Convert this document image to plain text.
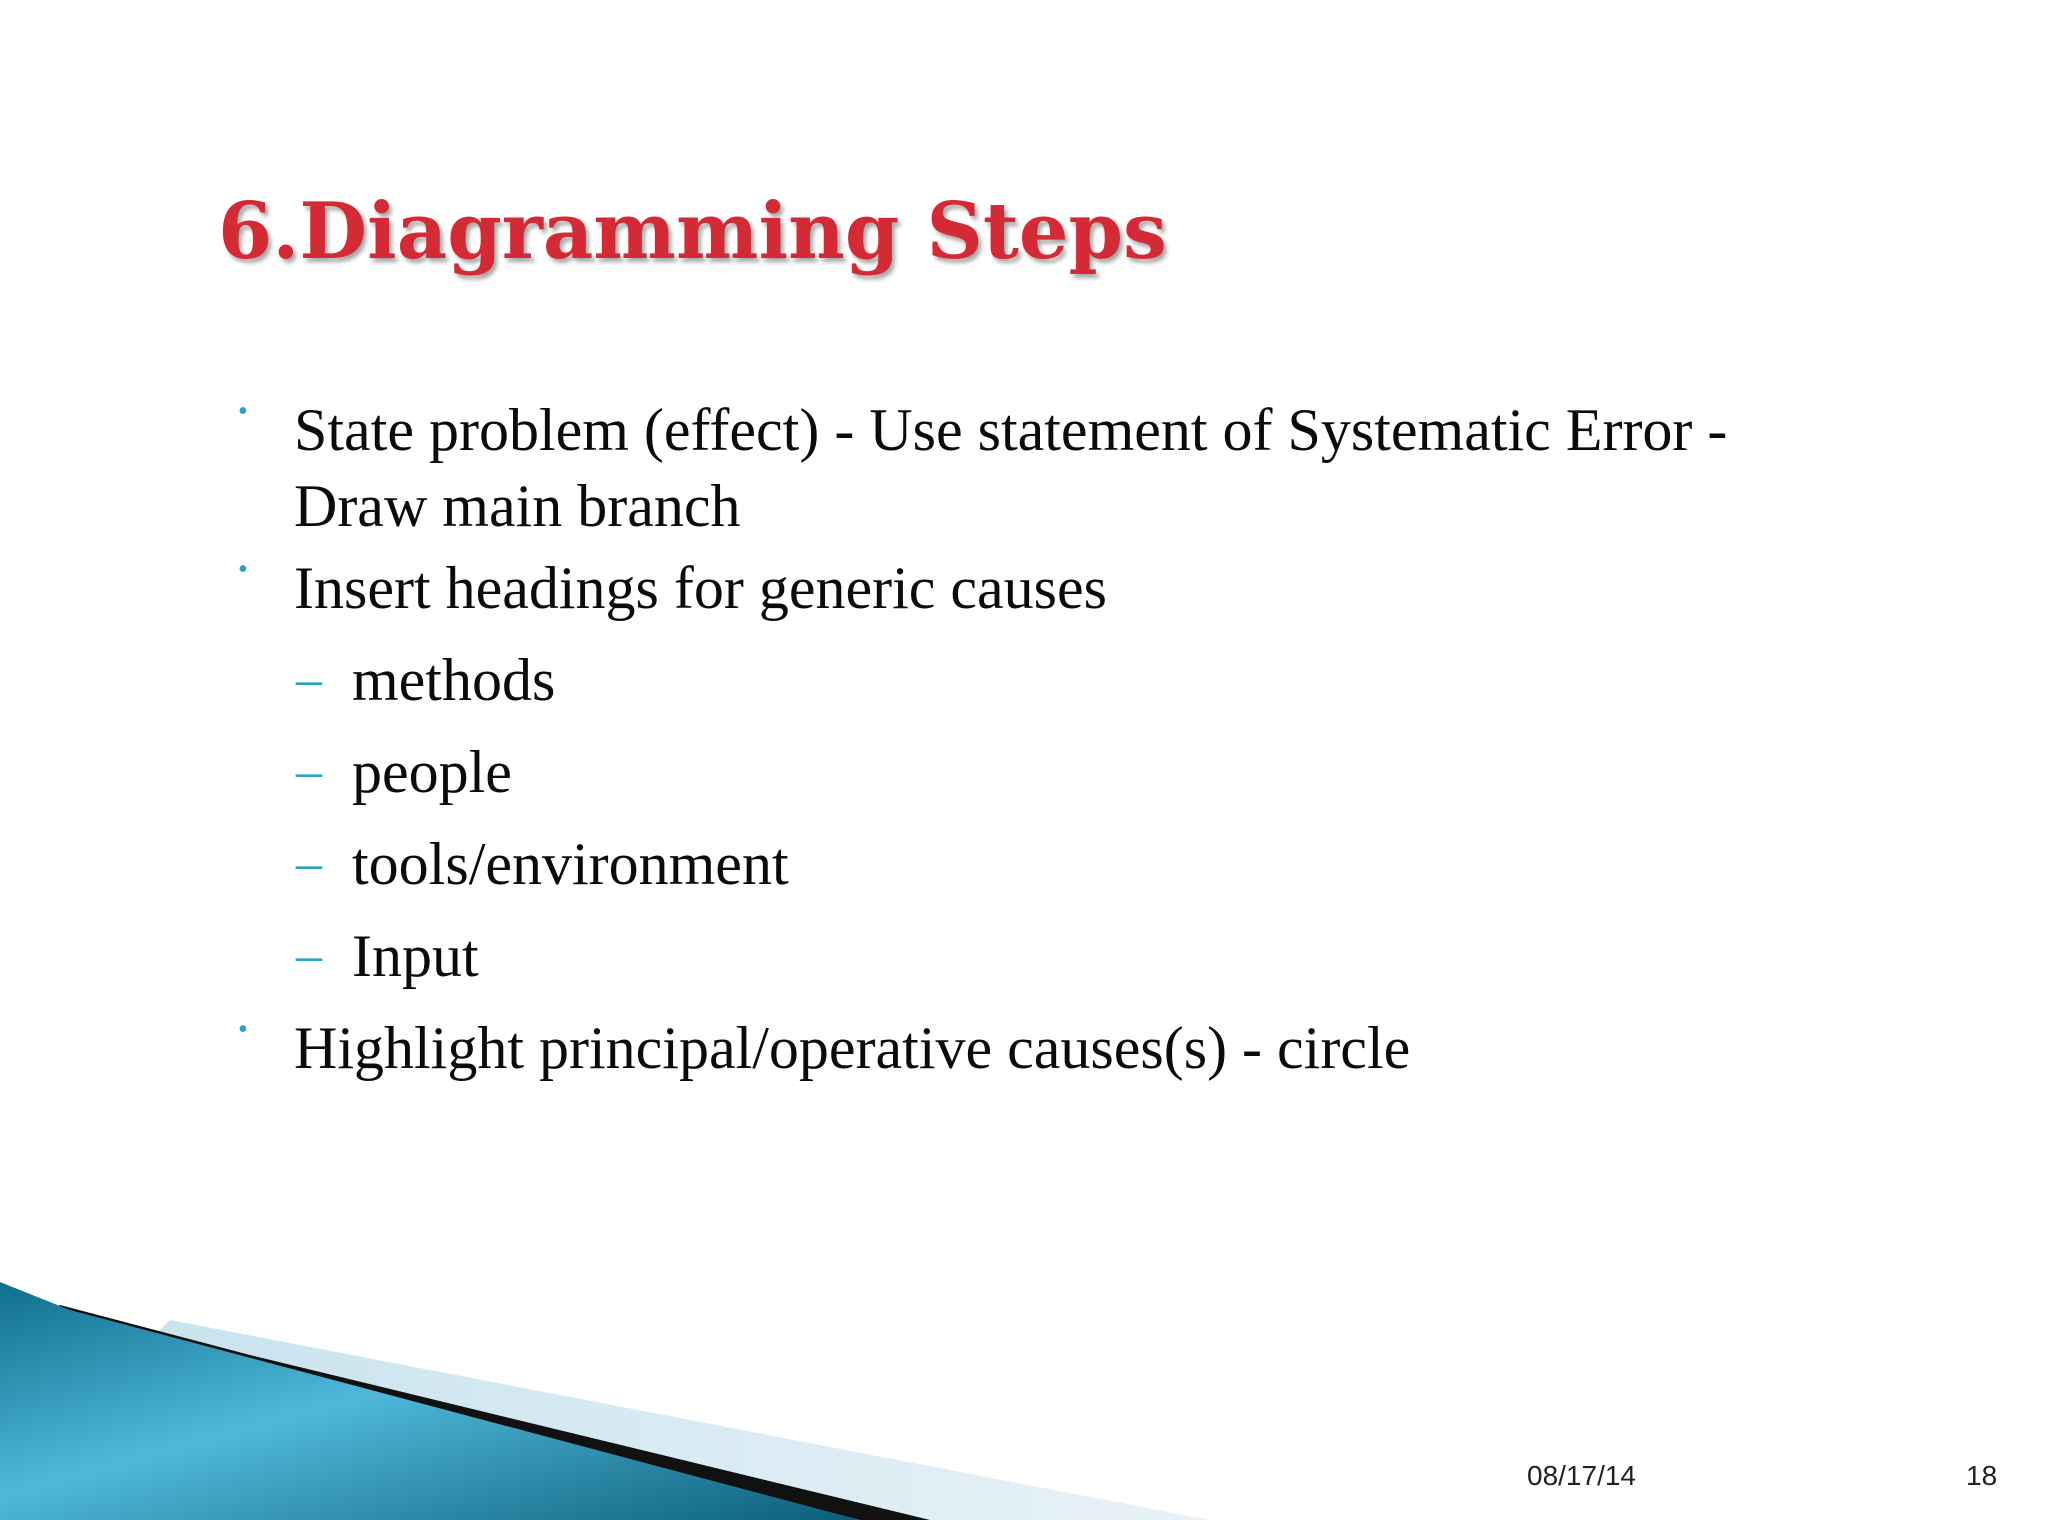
6.Diagramming Steps
• State problem (effect) - Use statement of Systematic Error -
Draw main branch
• Insert headings for generic causes
– methods
– people
– tools/environment
– Input
• Highlight principal/operative causes(s) - circle
08/17/14	18
